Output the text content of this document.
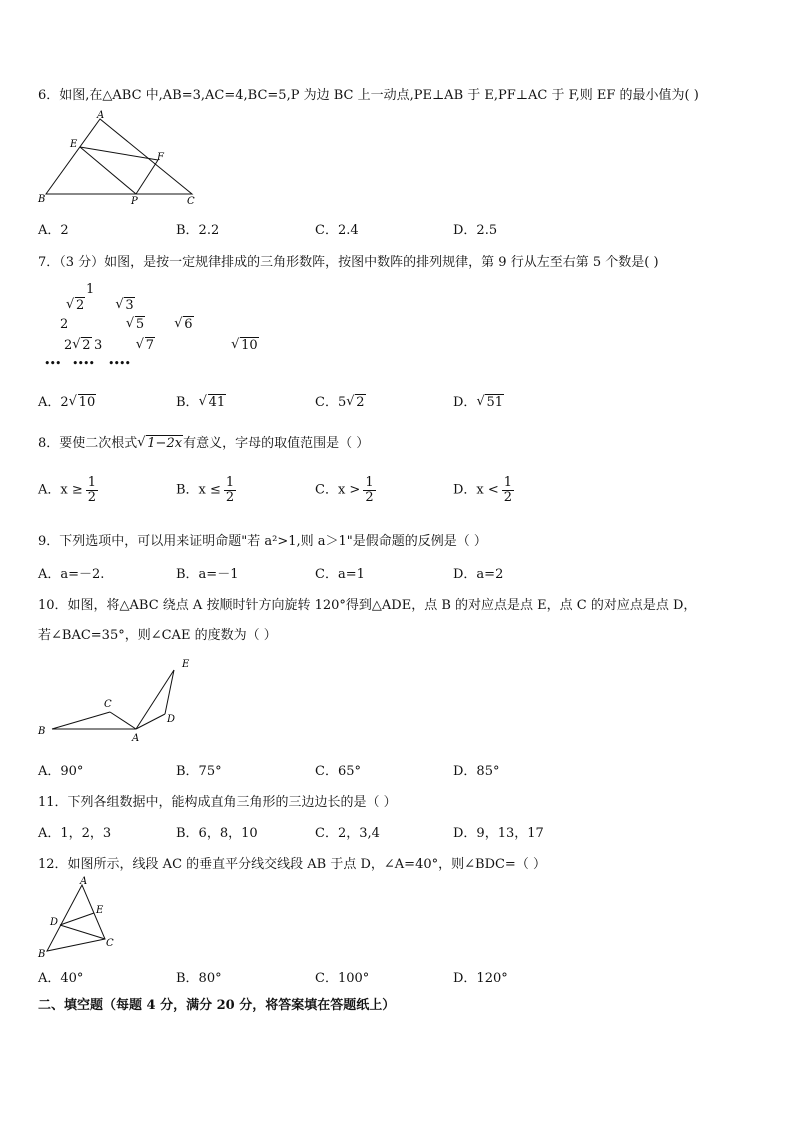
6．如图,在△ABC 中,AB=3,AC=4,BC=5,P 为边 BC 上一动点,PE⊥AB 于 E,PF⊥AC 于 F,则 EF 的最小值为( )
A
B	C
E
F
P
A．2	B．2.2	C．2.4	D．2.5
7．（3 分）如图，是按一定规律排成的三角形数阵，按图中数阵的排列规律，第 9 行从左至右第 5 个数是( )
1
√ 2	√ 3
2	√ 5	√ 6 √ 7
2 √ 2 3	√ 10
••• •••• ••••
A．2 √ 10	B． √ 41	C．5 √ 2	D． √ 51
8．要使二次根式 √ 1−2x有意义，字母的取值范围是（ ）
A．$x \ge \frac{1}{2}$	B．$x \le \frac{1}{2}$	C．$x > \frac{1}{2}$	D．$x < \frac{1}{2}$
9．下列选项中，可以用来证明命题"若 a²>1,则 a＞1"是假命题的反例是（ ）
A．a=－2.	B．a=－1	C．a=1	D．a=2
10．如图，将△ABC 绕点 A 按顺时针方向旋转 120°得到△ADE，点 B 的对应点是点 E，点 C 的对应点是点 D，
若∠BAC=35°，则∠CAE 的度数为（ ）
B
C
A
D
E
A．90°	B．75°	C．65°	D．85°
11．下列各组数据中，能构成直角三角形的三边边长的是（ ）
A．1，2，3	B．6，8，10	C．2，3,4	D．9，13，17
12．如图所示，线段 AC 的垂直平分线交线段 AB 于点 D，∠A=40°，则∠BDC=（ ）
A
B
C
D
E
A．40°	B．80°	C．100°	D．120°
二、填空题（每题 4 分，满分 20 分，将答案填在答题纸上）
